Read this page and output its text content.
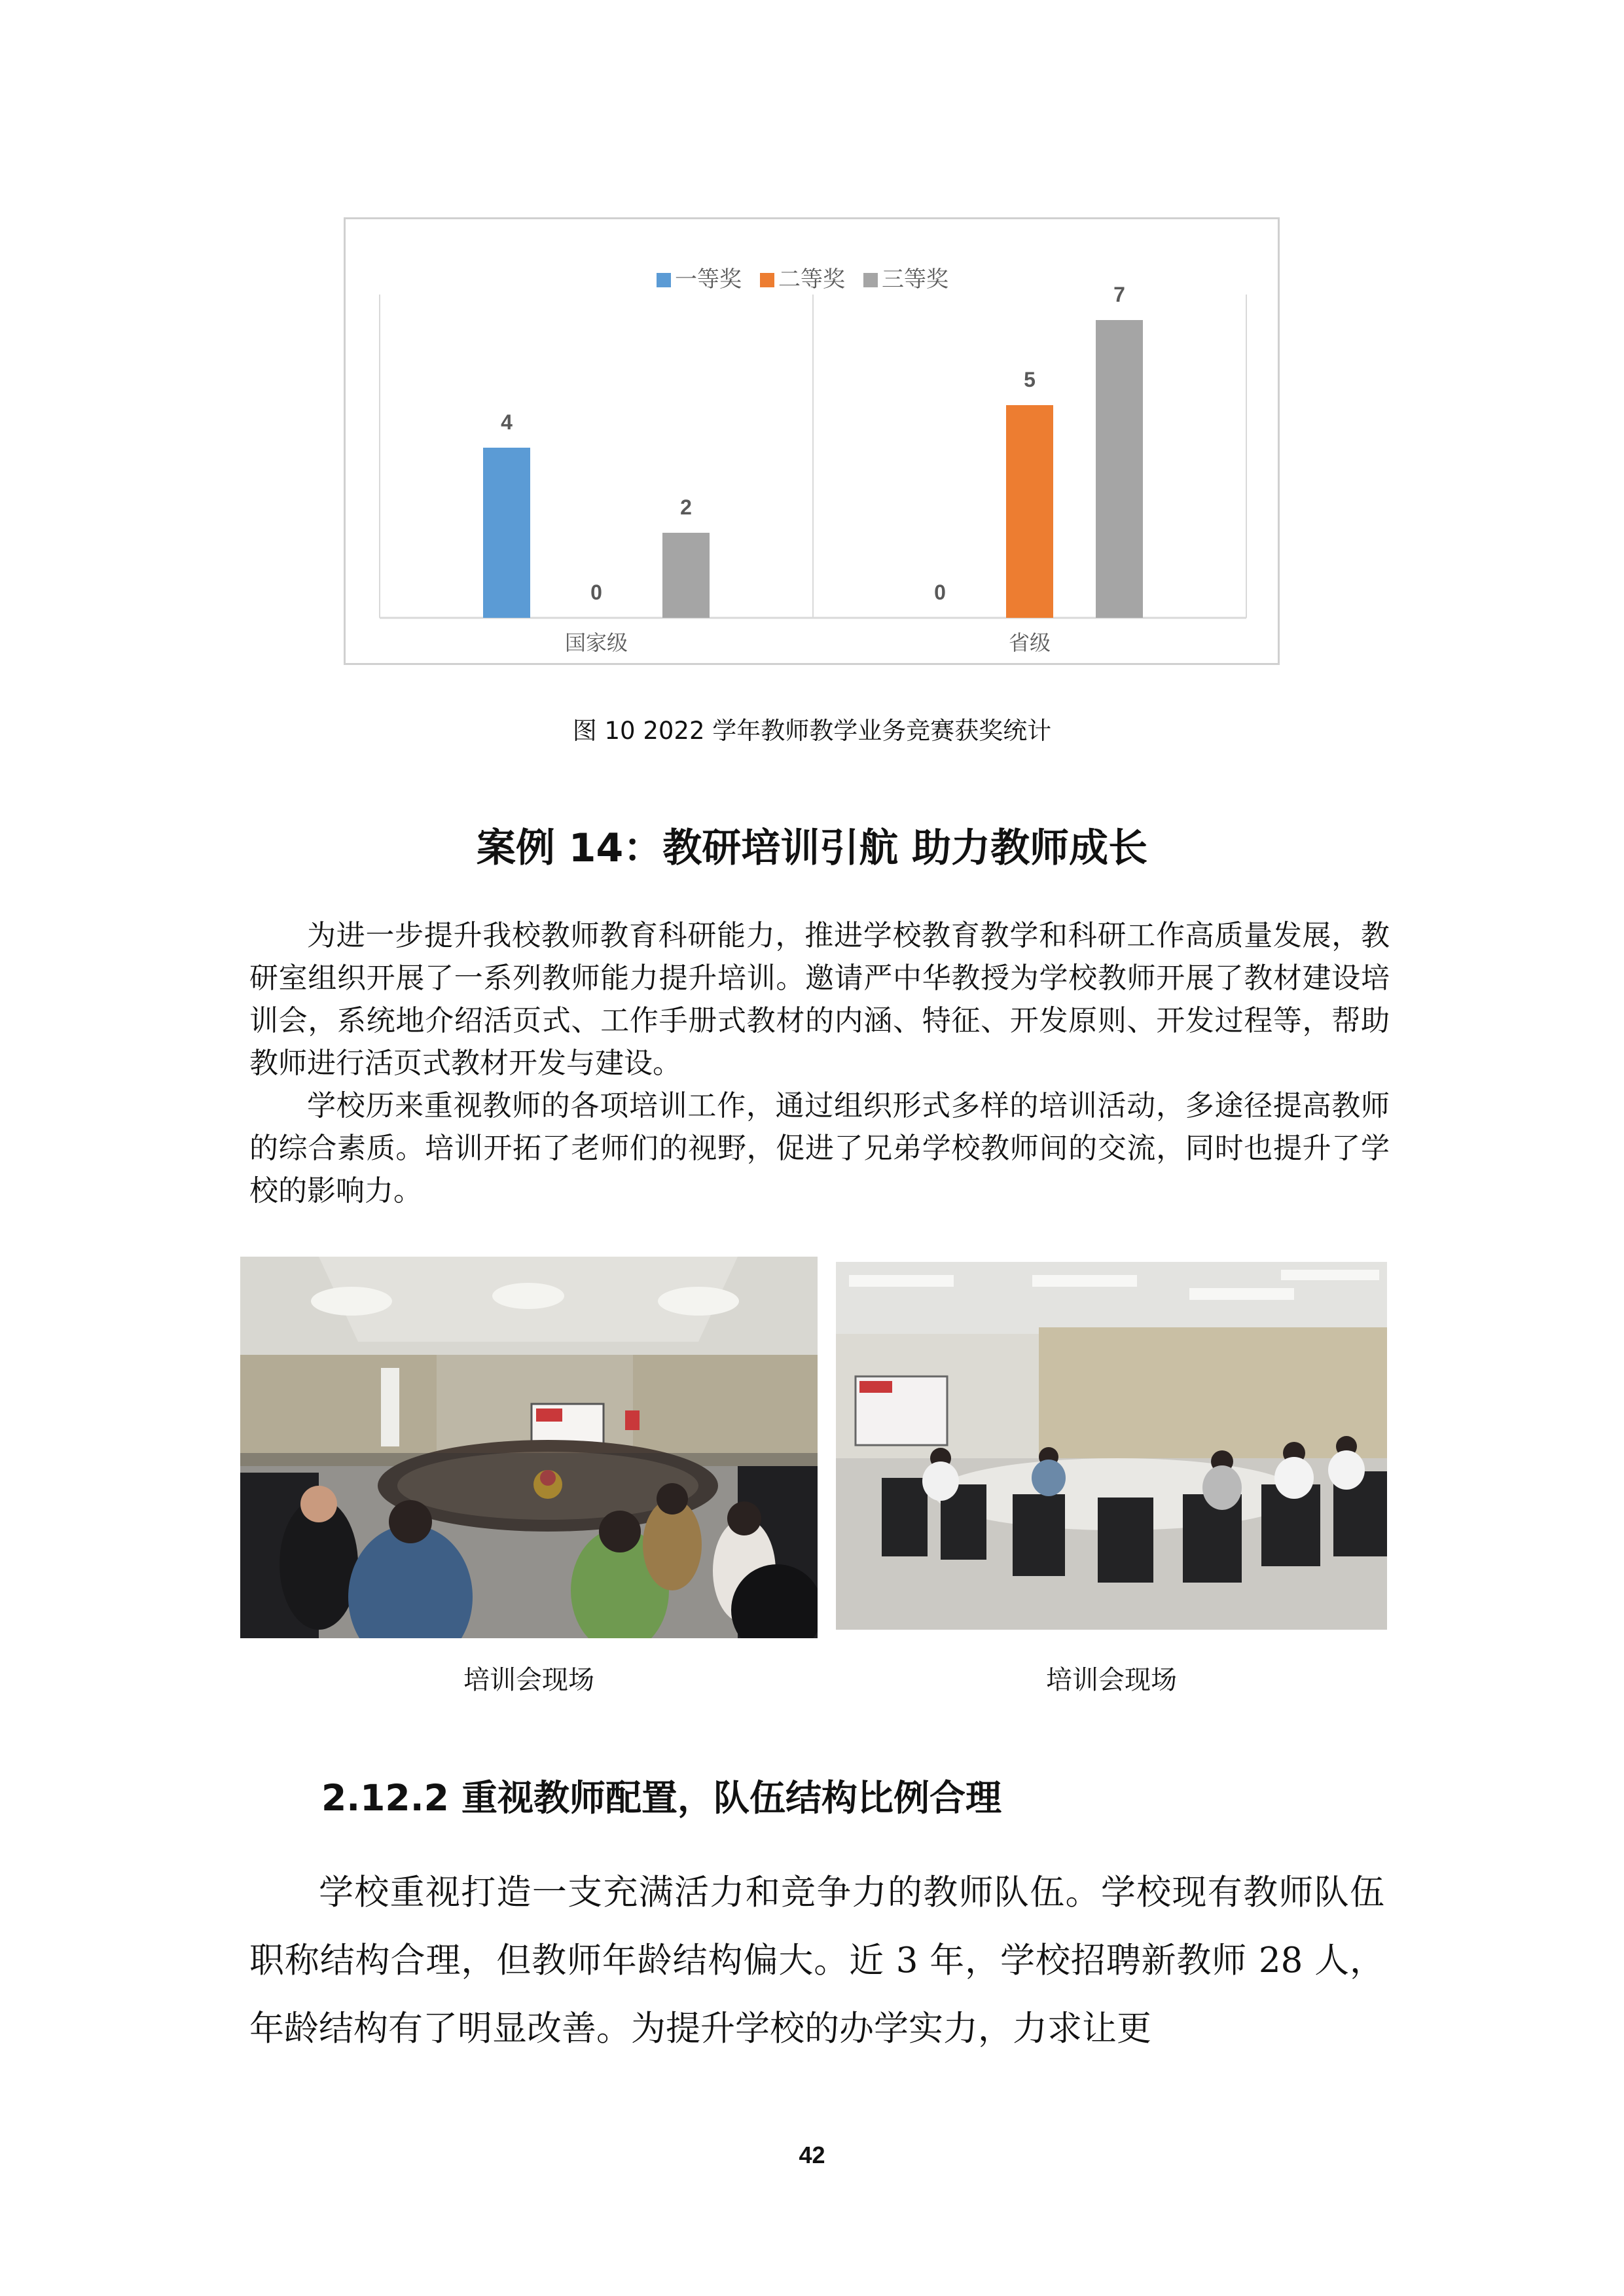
一等奖 二等奖 三等奖
4
0
2
0
5
7
国家级	省级
图 10 2022 学年教师教学业务竞赛获奖统计
案例 14：教研培训引航 助力教师成长
为进一步提升我校教师教育科研能力，推进学校教育教学和科研工作高质量发展，教研室组织开展了一系列教师能力提升培训。邀请严中华教授为学校教师开展了教材建设培训会，系统地介绍活页式、工作手册式教材的内涵、特征、开发原则、开发过程等，帮助教师进行活页式教材开发与建设。
学校历来重视教师的各项培训工作，通过组织形式多样的培训活动，多途径提高教师的综合素质。培训开拓了老师们的视野，促进了兄弟学校教师间的交流，同时也提升了学校的影响力。
培训会现场	培训会现场
2.12.2 重视教师配置，队伍结构比例合理
学校重视打造一支充满活力和竞争力的教师队伍。学校现有教师队伍职称结构合理，但教师年龄结构偏大。近 3 年，学校招聘新教师 28 人，年龄结构有了明显改善。为提升学校的办学实力，力求让更
42
